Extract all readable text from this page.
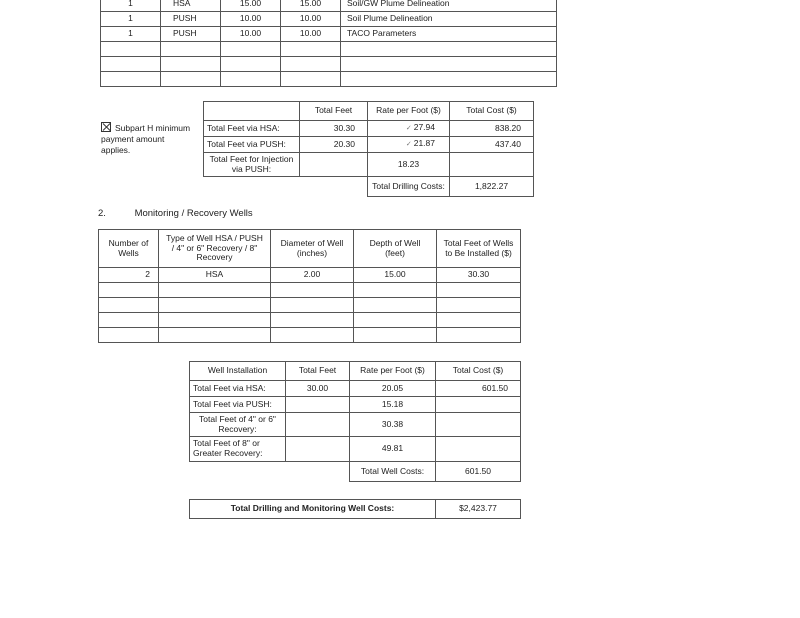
1	HSA	15.00	15.00	Soil/GW Plume Delineation
1	PUSH	10.00	10.00	Soil Plume Delineation
1	PUSH	10.00	10.00	TACO Parameters

Subpart H minimum payment amount applies.
	Total Feet	Rate per Foot ($)	Total Cost ($)
Total Feet via HSA:	30.30	✓ 27.94	838.20
Total Feet via PUSH:	20.30	✓ 21.87	437.40
Total Feet for Injection via PUSH:		18.23	
		Total Drilling Costs:	1,822.27
2.	Monitoring / Recovery Wells
Number of Wells	Type of Well HSA / PUSH / 4" or 6" Recovery / 8" Recovery	Diameter of Well (inches)	Depth of Well (feet)	Total Feet of Wells to Be Installed ($)
2	HSA	2.00	15.00	30.30

Well Installation	Total Feet	Rate per Foot ($)	Total Cost ($)
Total Feet via HSA:	30.00	20.05	601.50
Total Feet via PUSH:		15.18	
Total Feet of 4" or 6" Recovery:		30.38	
Total Feet of 8" or Greater Recovery:		49.81	
		Total Well Costs:	601.50
Total Drilling and Monitoring Well Costs:	$2,423.77
